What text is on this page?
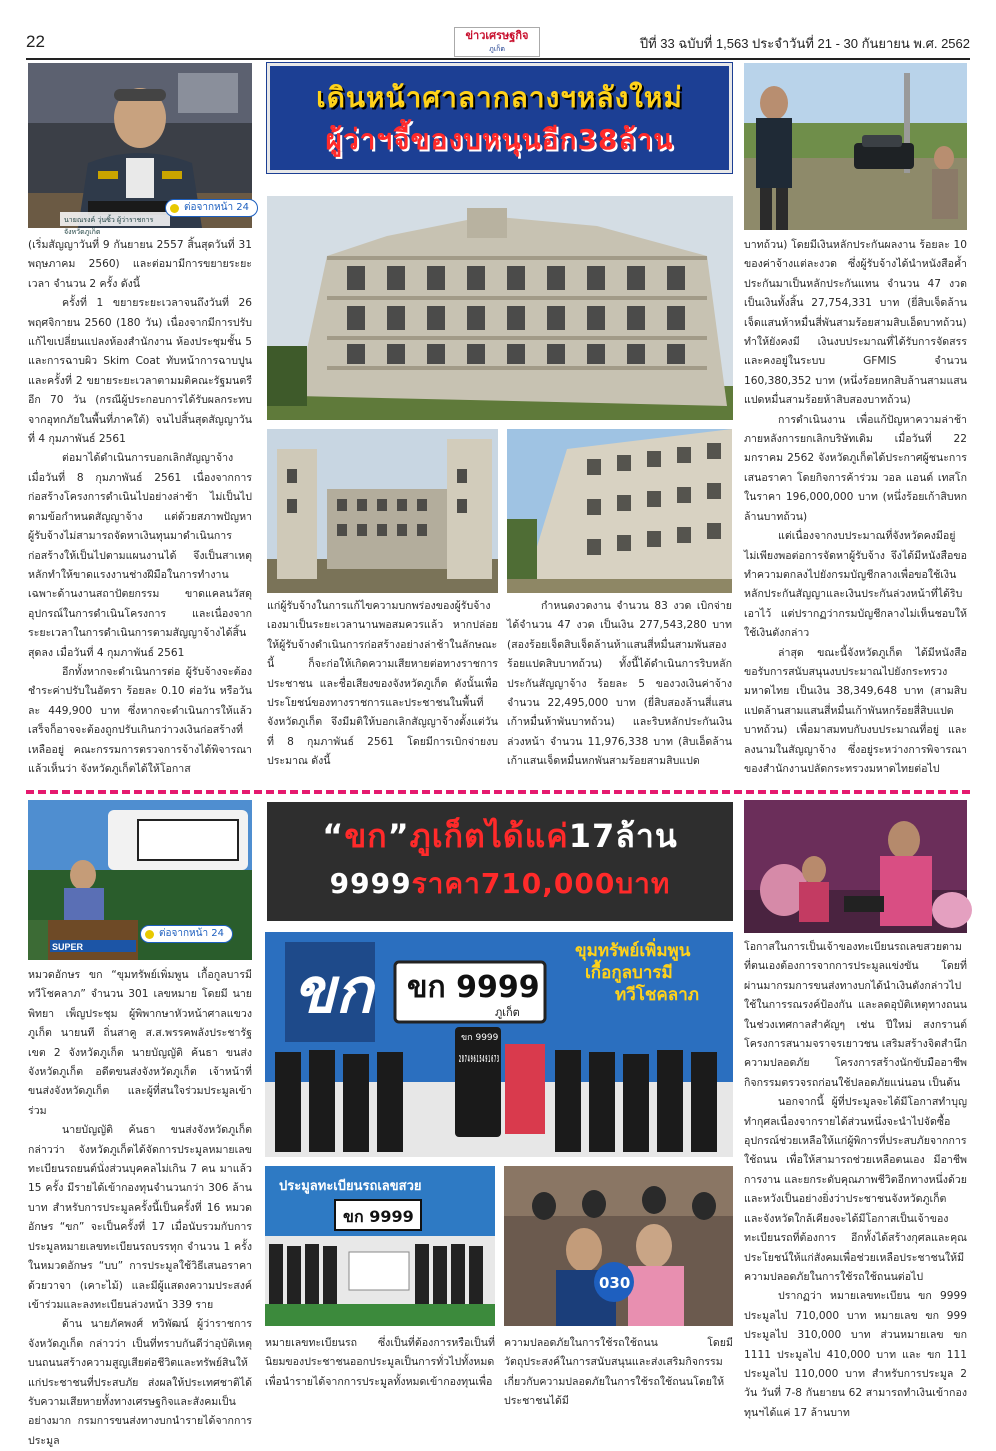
22	ข่าวเศรษฐกิจ
ภูเก็ต	ปีที่ 33 ฉบับที่ 1,563 ประจำวันที่ 21 - 30 กันยายน พ.ศ. 2562
นายณรงค์ วุ่นซิ้ว ผู้ว่าราชการจังหวัดภูเก็ต
ต่อจากหน้า 24
เดินหน้าศาลากลางฯหลังใหม่
ผู้ว่าฯจี้ของบหนุนอีก38ล้าน

(เริ่มสัญญาวันที่ 9 กันยายน 2557 สิ้นสุดวันที่ 31 พฤษภาคม 2560) และต่อมามีการขยายระยะเวลา จำนวน 2 ครั้ง ดังนี้

ครั้งที่ 1 ขยายระยะเวลาจนถึงวันที่ 26 พฤศจิกายน 2560 (180 วัน) เนื่องจากมีการปรับแก้ไขเปลี่ยนแปลงห้องสำนักงาน ห้องประชุมชั้น 5 และการฉาบผิว Skim Coat ทับหน้าการฉาบปูน และครั้งที่ 2 ขยายระยะเวลาตามมติคณะรัฐมนตรีอีก 70 วัน (กรณีผู้ประกอบการได้รับผลกระทบจากอุทกภัยในพื้นที่ภาคใต้) จนไปสิ้นสุดสัญญาวันที่ 4 กุมภาพันธ์ 2561

ต่อมาได้ดำเนินการบอกเลิกสัญญาจ้าง เมื่อวันที่ 8 กุมภาพันธ์ 2561 เนื่องจากการก่อสร้างโครงการดำเนินไปอย่างล่าช้า ไม่เป็นไปตามข้อกำหนดสัญญาจ้าง แต่ด้วยสภาพปัญหาผู้รับจ้างไม่สามารถจัดหาเงินทุนมาดำเนินการก่อสร้างให้เป็นไปตามแผนงานได้ จึงเป็นสาเหตุหลักทำให้ขาดแรงงานช่างฝีมือในการทำงานเฉพาะด้านงานสถาปัตยกรรม ขาดแคลนวัสดุอุปกรณ์ในการดำเนินโครงการ และเนื่องจากระยะเวลาในการดำเนินการตามสัญญาจ้างได้สิ้นสุดลง เมื่อวันที่ 4 กุมภาพันธ์ 2561

อีกทั้งหากจะดำเนินการต่อ ผู้รับจ้างจะต้องชำระค่าปรับในอัตรา ร้อยละ 0.10 ต่อวัน หรือวันละ 449,900 บาท ซึ่งหากจะดำเนินการให้แล้วเสร็จก็อาจจะต้องถูกปรับเกินกว่าวงเงินก่อสร้างที่เหลืออยู่ คณะกรรมการตรวจการจ้างได้พิจารณาแล้วเห็นว่า จังหวัดภูเก็ตได้ให้โอกาส

แก่ผู้รับจ้างในการแก้ไขความบกพร่องของผู้รับจ้างเองมาเป็นระยะเวลานานพอสมควรแล้ว หากปล่อยให้ผู้รับจ้างดำเนินการก่อสร้างอย่างล่าช้าในลักษณะนี้ ก็จะก่อให้เกิดความเสียหายต่อทางราชการ ประชาชน และชื่อเสียงของจังหวัดภูเก็ต ดังนั้นเพื่อประโยชน์ของทางราชการและประชาชนในพื้นที่จังหวัดภูเก็ต จึงมีมติให้บอกเลิกสัญญาจ้างตั้งแต่วันที่ 8 กุมภาพันธ์ 2561 โดยมีการเบิกจ่ายงบประมาณ ดังนี้

กำหนดงวดงาน จำนวน 83 งวด เบิกจ่ายได้จำนวน 47 งวด เป็นเงิน 277,543,280 บาท (สองร้อยเจ็ดสิบเจ็ดล้านห้าแสนสี่หมื่นสามพันสองร้อยแปดสิบบาทถ้วน) ทั้งนี้ได้ดำเนินการริบหลักประกันสัญญาจ้าง ร้อยละ 5 ของวงเงินค่าจ้าง จำนวน 22,495,000 บาท (ยี่สิบสองล้านสี่แสนเก้าหมื่นห้าพันบาทถ้วน) และริบหลักประกันเงินล่วงหน้า จำนวน 11,976,338 บาท (สิบเอ็ดล้านเก้าแสนเจ็ดหมื่นหกพันสามร้อยสามสิบแปด

บาทถ้วน) โดยมีเงินหลักประกันผลงาน ร้อยละ 10 ของค่าจ้างแต่ละงวด ซึ่งผู้รับจ้างได้นำหนังสือค้ำประกันมาเป็นหลักประกันแทน จำนวน 47 งวด เป็นเงินทั้งสิ้น 27,754,331 บาท (ยี่สิบเจ็ดล้านเจ็ดแสนห้าหมื่นสี่พันสามร้อยสามสิบเอ็ดบาทถ้วน) ทำให้ยังคงมี เงินงบประมาณที่ได้รับการจัดสรรและคงอยู่ในระบบ GFMIS จำนวน 160,380,352 บาท (หนึ่งร้อยหกสิบล้านสามแสนแปดหมื่นสามร้อยห้าสิบสองบาทถ้วน)

การดำเนินงาน เพื่อแก้ปัญหาความล่าช้าภายหลังการยกเลิกบริษัทเดิม เมื่อวันที่ 22 มกราคม 2562 จังหวัดภูเก็ตได้ประกาศผู้ชนะการเสนอราคา โดยกิจการค้าร่วม วอล แอนด์ เทสโก ในราคา 196,000,000 บาท (หนึ่งร้อยเก้าสิบหกล้านบาทถ้วน)

แต่เนื่องจากงบประมาณที่จังหวัดคงมีอยู่ไม่เพียงพอต่อการจัดหาผู้รับจ้าง จึงได้มีหนังสือขอทำความตกลงไปยังกรมบัญชีกลางเพื่อขอใช้เงินหลักประกันสัญญาและเงินประกันล่วงหน้าที่ได้ริบเอาไว้ แต่ปรากฏว่ากรมบัญชีกลางไม่เห็นชอบให้ใช้เงินดังกล่าว

ล่าสุด ขณะนี้จังหวัดภูเก็ต ได้มีหนังสือขอรับการสนับสนุนงบประมาณไปยังกระทรวงมหาดไทย เป็นเงิน 38,349,648 บาท (สามสิบแปดล้านสามแสนสี่หมื่นเก้าพันหกร้อยสี่สิบแปดบาทถ้วน) เพื่อมาสมทบกับงบประมาณที่อยู่ และลงนามในสัญญาจ้าง ซึ่งอยู่ระหว่างการพิจารณาของสำนักงานปลัดกระทรวงมหาดไทยต่อไป

ต่อจากหน้า 24
SUPER
“ขก”ภูเก็ตได้แค่17ล้าน
9999ราคา710,000บาท
ขก ขก 9999
ภูเก็ต
ขุมทรัพย์เพิ่มพูน
เกื้อกูลบารมี
ทวีโชคลาภ
ขก 9999
2 8 7 4 9 6 1 5 4 9 1 6 7 3
ประมูลทะเบียนรถเลขสวย
ขก 9999
030

หมวดอักษร ขก “ขุมทรัพย์เพิ่มพูน เกื้อกูลบารมี ทวีโชคลาภ” จำนวน 301 เลขหมาย โดยมี นายพิทยา เพ็ญประชุม ผู้พิพากษาหัวหน้าศาลแขวงภูเก็ต นายนที ถิ่นสาคู ส.ส.พรรคพลังประชารัฐ เขต 2 จังหวัดภูเก็ต นายบัญญัติ ค้นธา ขนส่งจังหวัดภูเก็ต อดีตขนส่งจังหวัดภูเก็ต เจ้าหน้าที่ขนส่งจังหวัดภูเก็ต และผู้ที่สนใจร่วมประมูลเข้าร่วม

นายบัญญัติ ค้นธา ขนส่งจังหวัดภูเก็ต กล่าวว่า จังหวัดภูเก็ตได้จัดการประมูลหมายเลขทะเบียนรถยนต์นั่งส่วนบุคคลไม่เกิน 7 คน มาแล้ว 15 ครั้ง มีรายได้เข้ากองทุนจำนวนกว่า 306 ล้านบาท สำหรับการประมูลครั้งนี้เป็นครั้งที่ 16 หมวดอักษร “ขก” จะเป็นครั้งที่ 17 เมื่อนับรวมกับการประมูลหมายเลขทะเบียนรถบรรทุก จำนวน 1 ครั้ง ในหมวดอักษร “บบ” การประมูลใช้วิธีเสนอราคาด้วยวาจา (เคาะไม้) และมีผู้แสดงความประสงค์เข้าร่วมและลงทะเบียนล่วงหน้า 339 ราย

ด้าน นายภัคพงศ์ ทวิพัฒน์ ผู้ว่าราชการจังหวัดภูเก็ต กล่าวว่า เป็นที่ทราบกันดีว่าอุบัติเหตุบนถนนสร้างความสูญเสียต่อชีวิตและทรัพย์สินให้แก่ประชาชนที่ประสบภัย ส่งผลให้ประเทศชาติได้รับความเสียหายทั้งทางเศรษฐกิจและสังคมเป็นอย่างมาก กรมการขนส่งทางบกนำรายได้จากการประมูล

หมายเลขทะเบียนรถ ซึ่งเป็นที่ต้องการหรือเป็นที่นิยมของประชาชนออกประมูลเป็นการทั่วไปทั้งหมด เพื่อนำรายได้จากการประมูลทั้งหมดเข้ากองทุนเพื่อ

ความปลอดภัยในการใช้รถใช้ถนน โดยมีวัตถุประสงค์ในการสนับสนุนและส่งเสริมกิจกรรมเกี่ยวกับความปลอดภัยในการใช้รถใช้ถนนโดยให้ประชาชนได้มี

โอกาสในการเป็นเจ้าของทะเบียนรถเลขสวยตามที่ตนเองต้องการจากการประมูลแข่งขัน โดยที่ผ่านมากรมการขนส่งทางบกได้นำเงินดังกล่าวไปใช้ในการรณรงค์ป้องกัน และลดอุบัติเหตุทางถนนในช่วงเทศกาลสำคัญๆ เช่น ปีใหม่ สงกรานต์ โครงการสนามจราจรเยาวชน เสริมสร้างจิตสำนึกความปลอดภัย โครงการสร้างนักขับมืออาชีพ กิจกรรมตรวจรถก่อนใช้ปลอดภัยแน่นอน เป็นต้น

นอกจากนี้ ผู้ที่ประมูลจะได้มีโอกาสทำบุญทำกุศลเนื่องจากรายได้ส่วนหนึ่งจะนำไปจัดซื้ออุปกรณ์ช่วยเหลือให้แก่ผู้พิการที่ประสบภัยจากการใช้ถนน เพื่อให้สามารถช่วยเหลือตนเอง มีอาชีพการงาน และยกระดับคุณภาพชีวิตอีกทางหนึ่งด้วย และหวังเป็นอย่างยิ่งว่าประชาชนจังหวัดภูเก็ต และจังหวัดใกล้เคียงจะได้มีโอกาสเป็นเจ้าของทะเบียนรถที่ต้องการ อีกทั้งได้สร้างกุศลและคุณประโยชน์ให้แก่สังคมเพื่อช่วยเหลือประชาชนให้มีความปลอดภัยในการใช้รถใช้ถนนต่อไป

ปรากฏว่า หมายเลขทะเบียน ขก 9999 ประมูลไป 710,000 บาท หมายเลข ขก 999 ประมูลไป 310,000 บาท ส่วนหมายเลข ขก 1111 ประมูลไป 410,000 บาท และ ขก 111 ประมูลไป 110,000 บาท สำหรับการประมูล 2 วัน วันที่ 7-8 กันยายน 62 สามารถทำเงินเข้ากองทุนฯได้แค่ 17 ล้านบาท
